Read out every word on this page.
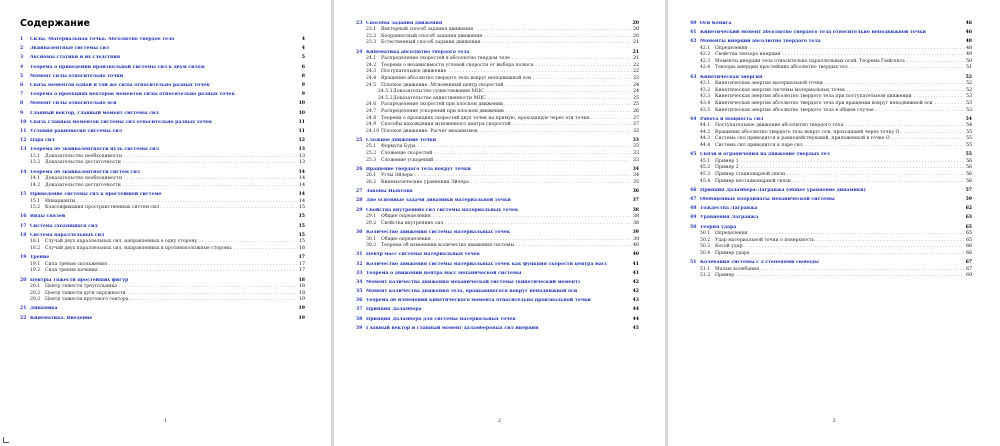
Содержание
1	Силы. Материальная точка. Абсолютно твердое тело	4
2	Эквивалентные системы сил	4
3	Аксиомы статики и их следствия	5
4	Теорема о приведении произвольной системы сил к двум силам	6
5	Момент силы относительно точки	8
6	Связь моментов одной и той же силы относительно разных точек	9
7	Теорема о проекциях векторов моментов силы относительно разных точек	9
8	Момент силы относительно оси	10
9	Главный вектор, главный момент системы сил	10
10 Связь главных моментов системы сил относительно разных точек	11
11 Условия равновесия системы сил	11
12 Пара сил	12
13 Теорема об эквивалентности нуль системы сил	13
13.1	Доказательство необходимости . . .	13
13.2	Доказательство достаточности . . .	13
14 Теорема об эквивалентности систем сил	14
14.1	Доказательство необходимости . . .	14
14.2	Доказательство достаточности . . .	14
15 Приведение системы сил к простейшей системе	14
15.1	Инварианты . . .	14
15.2	Классификация пространственных систем сил . . .	15
16 Виды связей	15
17 Система сходящихся сил	15
18 Система параллельных сил	15
18.1	Случай двух параллельных сил, направленных в одну сторону . . .	15
18.2	Случай двух параллельных сил, направленных в противоположные стороны . . .	16
19 Трение	17
19.1	Сила трения скольжения . . .	17
19.2	Сила трения качения . . .	17
20 Центры тяжести простейших фигур	18
20.1	Центр тяжести треугольника . . .	18
20.2	Центр тяжести дуги окружности . . .	18
20.3	Центр тяжести кругового сектора . . .	19
21 Динамика	19
22 Кинематика. Введение	19
1
23 Способы задания движения	20
23.1	Векторный способ задания движения . . .	20
23.2	Координатный способ задания движения . . .	20
23.3	Естественный способ задания движения . . .	21
24 Кинематика абсолютно твердого тела	21
24.1	Распределение скоростей в абсолютно твердом теле . . .	21
24.2	Теорема о независимости угловой скорости от выбора полюса . . .	22
24.3	Поступательное движение . . .	22
24.4	Вращение абсолютно твердого тела вокруг неподвижной оси . . .	23
24.5	Плоское движение. Мгновенный центр скоростей . . .	24
24.5.1 Доказательство существования МЦС . . .	24
24.5.2 Доказательство единственности МЦС . . .	25
24.6	Распределение скоростей при плоском движении . . .	25
24.7	Распределение ускорений при плоском движении . . .	26
24.8	Теорема о проекциях скоростей двух точек на прямую, проходящую через эти точки . . .	27
24.9	Способы нахождения мгновенного центра скоростей . . .	27
24.10 Плоское движение. Расчет механизмов . . .	32
25 Сложное движение точки	33
25.1	Формула Бура . . .	33
25.2	Сложение скоростей . . .	33
25.3	Сложение ускорений . . .	33
26 Вращение твердого тела вокруг точки	34
26.1	Углы Эйлера . . .	34
26.2	Кинематические уравнения Эйлера . . .	35
27 Законы Ньютона	36
28 Две основные задачи динамики материальной точки	37
29 Свойства внутренних сил системы материальных точек	38
29.1	Общие определения . . .	38
29.2	Свойства внутренних сил . . .	38
30 Количество движения системы материальных точек	39
30.1	Общие определения . . .	39
30.2	Теорема об изменении количества движения системы . . .	40
31 Центр масс системы материальных точек	40
32 Количество движения системы материальных точек как функция скорости центра масс	41
33 Теорема о движении центра масс механической системы	41
34 Момент количества движения механической системы (кинетический момент)	42
35 Момент количества движения тела, вращающегося вокруг неподвижной оси	42
36 Теорема об изменении кинетического момента относительно произвольной точки	43
37 Принцип Даламбера	44
38 Принцип Даламбера для системы материальных точек	44
39 Главный вектор и главный момент даламберовых сил инерции	45
2
40 Оси Кенига	46
41 Кинетический момент абсолютно твердого тела относительно неподвижной точки	46
42 Моменты инерции абсолютно твердого тела	48
42.1	Определения . . .	48
42.2	Свойства тензора инерции . . .	49
42.3	Моменты инерции тела относительно параллельных осей. Теорема Гюйгенса . . .	50
42.4	Тензоры инерции простейших абсолютно твердых тел . . .	51
43 Кинетическая энергия	52
43.1	Кинетическая энергия материальной точки . . .	52
43.2	Кинетическая энергия системы материальных точек . . .	52
43.3	Кинетическая энергия абсолютно твердого тела при поступательном движении . . .	53
43.4	Кинетическая энергия абсолютно твердого тела при вращении вокруг неподвижной оси . . .	53
43.5	Кинетическая энергия абсолютно твердого тела в общем случае . . .	53
44 Работа и мощность сил	54
44.1	Поступательное движение абсолютно твердого тела . . .	54
44.2	Вращение абсолютно твердого тела вокруг оси, проходящей через точку O . . .	55
44.3	Система сил приводится к равнодействующей, приложенной в точке O . . .	55
44.4	Система сил приводится к паре сил . . .	55
45 Связи и ограничения на движение твердых тел	55
45.1	Пример 1 . . .	56
45.2	Пример 2 . . .	56
45.3	Пример стационарной связи . . .	56
45.4	Пример нестационарной связи . . .	56
46 Принцип Даламбера-Лагранжа (общее уравнение динамики)	57
47 Обобщенные координаты механической системы	59
48 Тождества Лагранжа	62
49 Уравнения Лагранжа	63
50 Теория удара	65
50.1	Определения . . .	65
50.2	Удар материальной точки о поверхность . . .	65
50.3	Косой удар . . .	66
50.4	Пример удара . . .	66
51 Колебания системы с 2 степенями свободы	67
51.1	Малые колебания . . .	67
51.2	Пример . . .	69
3
